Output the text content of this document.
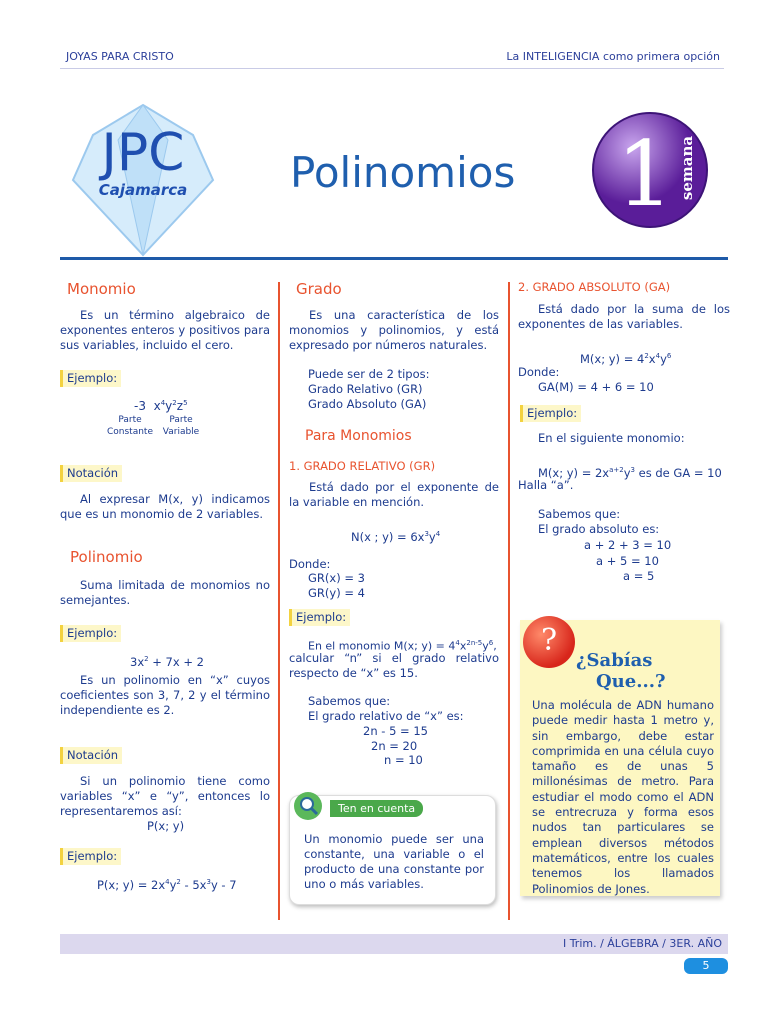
JOYAS PARA CRISTO	La INTELIGENCIA como primera opción
JPC
Cajamarca Polinomios 1 semana
Monomio
Es un término algebraico de exponentes enteros y positivos para sus variables, incluido el cero.
Ejemplo:
-3  $x^4y^2z^5$
Parte Constante
Parte Variable
Notación
Al expresar M(x, y) indicamos que es un monomio de 2 variables.
Polinomio
Suma limitada de monomios no semejantes.
Ejemplo:
$3x^2 + 7x + 2$
Es un polinomio en “x” cuyos coeficientes son 3, 7, 2 y el término independiente es 2.
Notación
Si un polinomio tiene como variables “x” e “y”, entonces lo representaremos así:
P(x; y)
Ejemplo:
P(x; $y) = 2x^4y^2 - 5x^3y - 7$
Grado
Es una característica de los monomios y polinomios, y está expresado por números naturales.
Puede ser de 2 tipos:
Grado Relativo (GR)
Grado Absoluto (GA)
Para Monomios
1. GRADO RELATIVO (GR)
Está dado por el exponente de la variable en mención.
N(x ; $y) = 6x^3y^4$
Donde:
GR(x) = 3
GR(y) = 4
Ejemplo:
En el monomio M(x; $y) = 4^4x^{2n-5}y^6$,
calcular “n” si el grado relativo respecto de “x” es 15.
Sabemos que:
El grado relativo de “x” es:
2n - 5 = 15
2n = 20
n = 10
2. GRADO ABSOLUTO (GA)
Está dado por la suma de los exponentes de las variables.
M(x; $y) = 4^2x^4y^6$
Donde:
GA(M) = 4 + 6 = 10
Ejemplo:
En el siguiente monomio:
M(x; $y) = 2x^{a+2}y^3$ es de GA = 10
Halla “a”.
Sabemos que:
El grado absoluto es:
a + 2 + 3 = 10
a + 5 = 10
a = 5
Ten en cuenta
Un monomio puede ser una constante, una variable o el producto de una constante por uno o más variables.
¿Sabías
Que...?
Una molécula de ADN humano puede medir hasta 1 metro y, sin embargo, debe estar comprimida en una célula cuyo tamaño es de unas 5 millonésimas de metro. Para estudiar el modo como el ADN se entrecruza y forma esos nudos tan particulares se emplean diversos métodos matemáticos, entre los cuales tenemos los llamados Polinomios de Jones.
?
I Trim. / ÁLGEBRA / 3ER. AÑO
5
